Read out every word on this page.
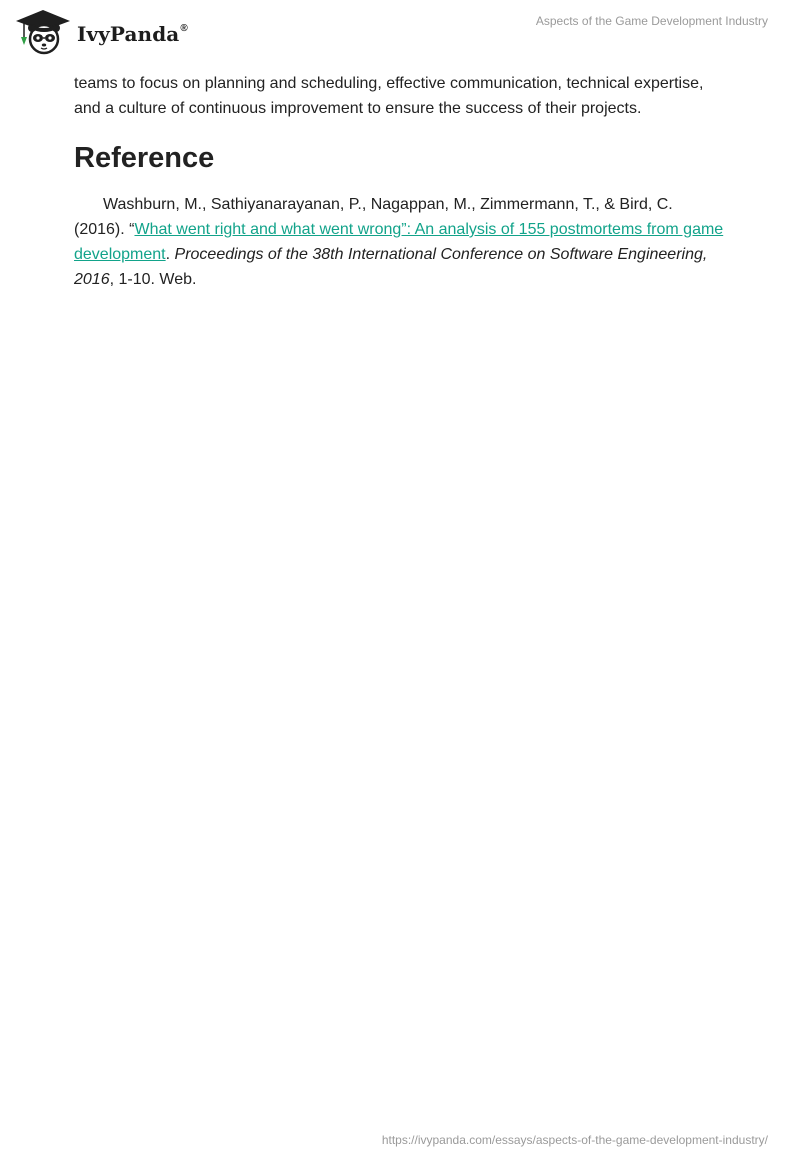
IvyPanda®
Aspects of the Game Development Industry

teams to focus on planning and scheduling, effective communication, technical expertise, and a culture of continuous improvement to ensure the success of their projects.

Reference

Washburn, M., Sathiyanarayanan, P., Nagappan, M., Zimmermann, T., & Bird, C. (2016). “What went right and what went wrong”: An analysis of 155 postmortems from game development. Proceedings of the 38th International Conference on Software Engineering, 2016, 1-10. Web.

https://ivypanda.com/essays/aspects-of-the-game-development-industry/
